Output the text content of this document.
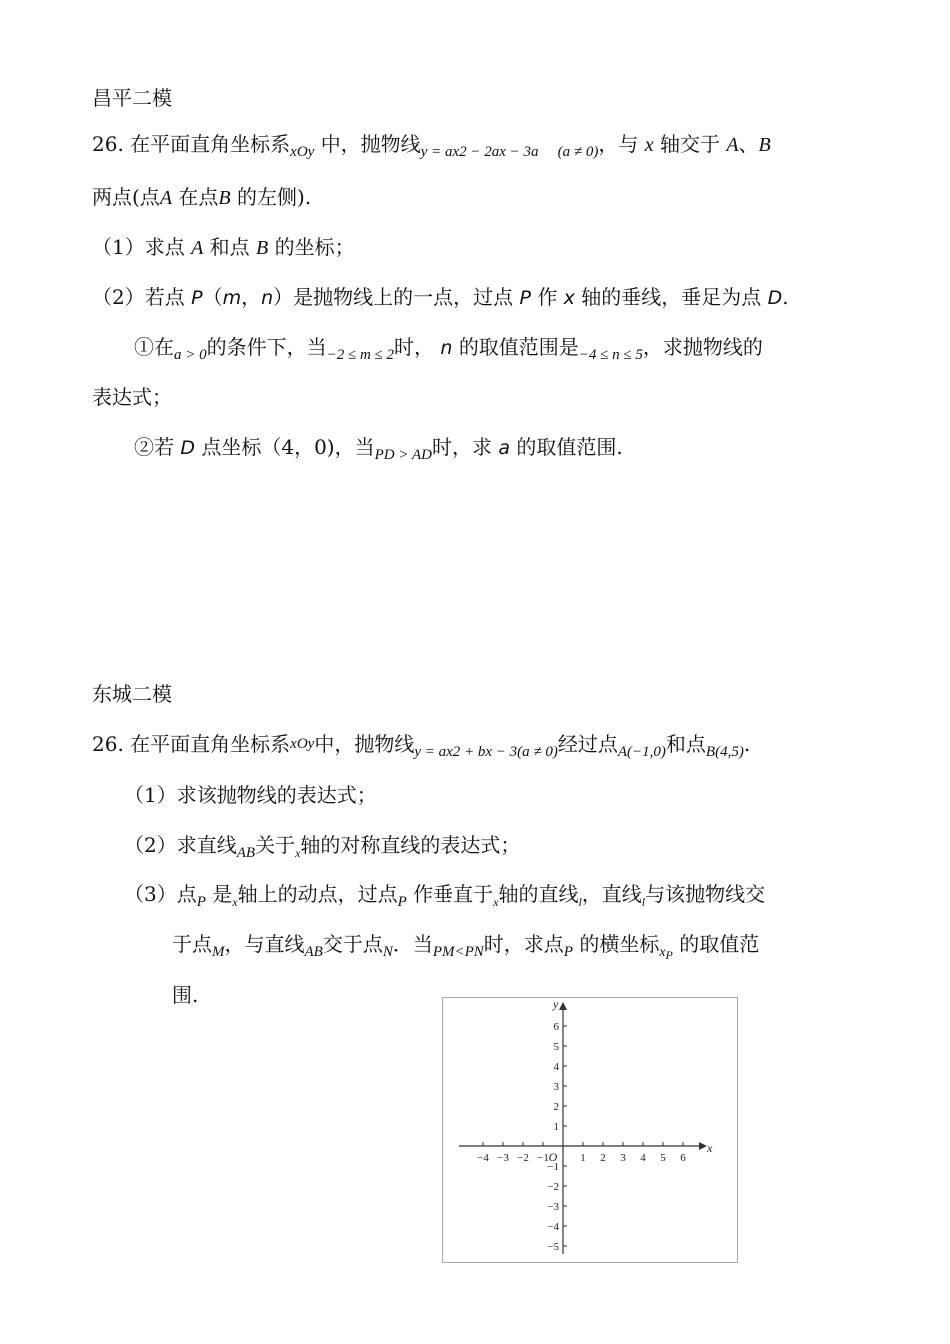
昌平二模
26. 在平面直角坐标系$_{xOy}$ 中，抛物线$_{y = ax2 - 2ax - 3a}$ $_{(a \ne 0)}$，与 x 轴交于 A、B
两点(点A 在点B 的左侧).
（1）求点 A 和点 B 的坐标；
（2）若点 P（m，n）是抛物线上的一点，过点 P 作 x 轴的垂线，垂足为点 D.
①在$_{a > 0}$的条件下，当$_{-2 \le m \le 2}$时， n 的取值范围是$_{-4 \le n \le 5}$，求抛物线的
表达式；
②若 D 点坐标（4，0)，当$_{PD > AD}$时，求 a 的取值范围.
东城二模
26. 在平面直角坐标系xOy中，抛物线$_{y = ax2 + bx - 3(a \ne 0)}$经过点$_{A(-1,0)}$和点$_{B(4,5)}$.
（1）求该抛物线的表达式；
（2）求直线$_{AB}$关于$_x$轴的对称直线的表达式；
（3）点$_P$ 是$_x$轴上的动点，过点$_P$ 作垂直于$_x$轴的直线$_l$，直线$_l$与该抛物线交
于点$_M$，与直线$_{AB}$交于点$_N$．当$_{PM<PN}$时，求点$_P$ 的横坐标$_{xP}$ 的取值范
围.
−4 −3 −2 −1	1 2 3 4 5 6
6
5
4
3
2
1
−1
−2
−3
−4
−5
O
x
y
